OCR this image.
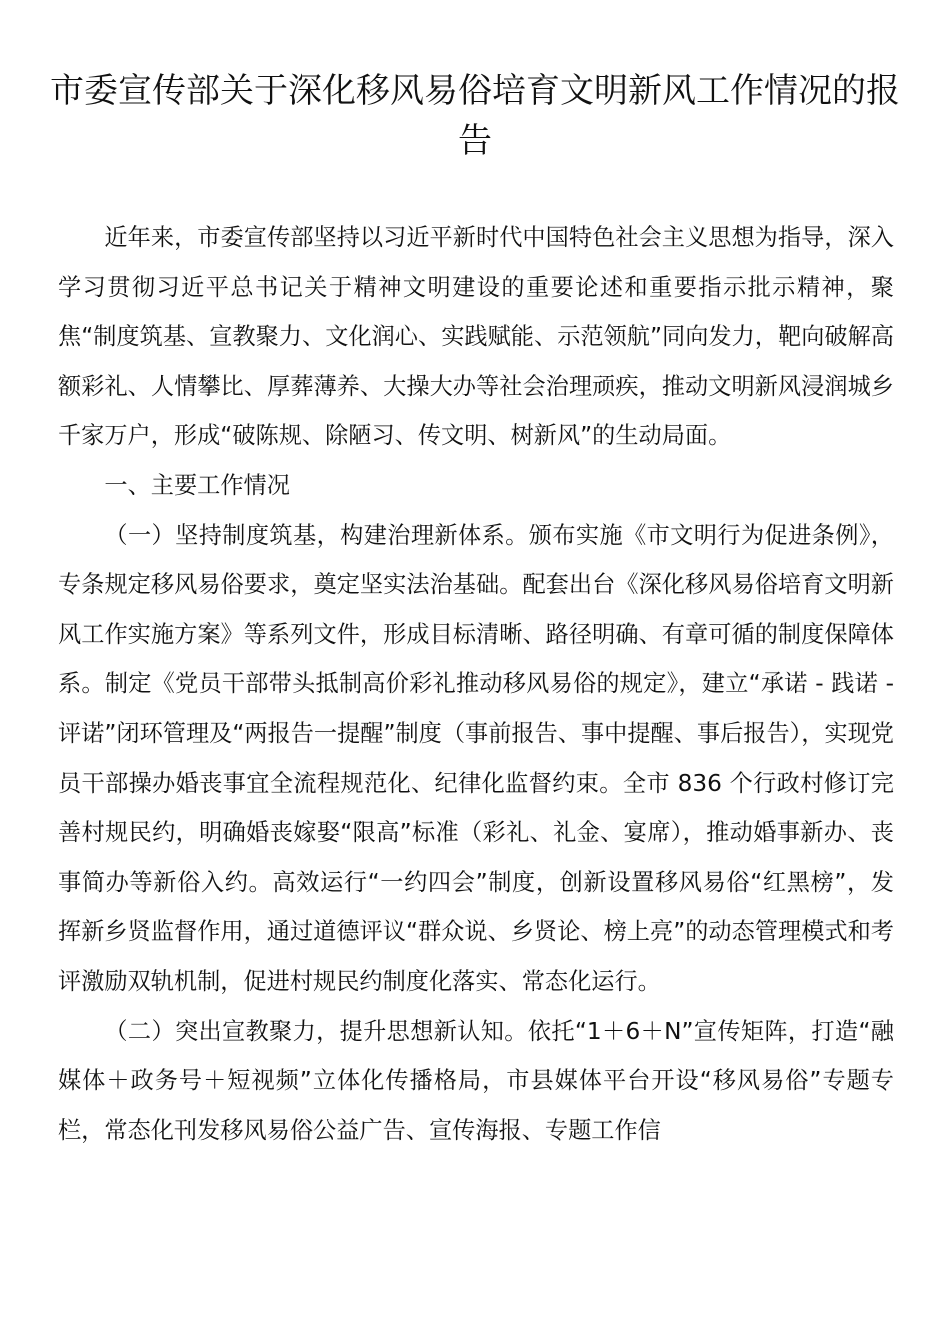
市委宣传部关于深化移风易俗培育文明新风工作情况的报告

近年来，市委宣传部坚持以习近平新时代中国特色社会主义思想为指导，深入学习贯彻习近平总书记关于精神文明建设的重要论述和重要指示批示精神，聚焦“制度筑基、宣教聚力、文化润心、实践赋能、示范领航”同向发力，靶向破解高额彩礼、人情攀比、厚葬薄养、大操大办等社会治理顽疾，推动文明新风浸润城乡千家万户，形成“破陈规、除陋习、传文明、树新风”的生动局面。

一、主要工作情况

（一）坚持制度筑基，构建治理新体系。颁布实施《市文明行为促进条例》，专条规定移风易俗要求，奠定坚实法治基础。配套出台《深化移风易俗培育文明新风工作实施方案》等系列文件，形成目标清晰、路径明确、有章可循的制度保障体系。制定《党员干部带头抵制高价彩礼推动移风易俗的规定》，建立“承诺 - 践诺 - 评诺”闭环管理及“两报告一提醒”制度（事前报告、事中提醒、事后报告），实现党员干部操办婚丧事宜全流程规范化、纪律化监督约束。全市 836 个行政村修订完善村规民约，明确婚丧嫁娶“限高”标准（彩礼、礼金、宴席），推动婚事新办、丧事简办等新俗入约。高效运行“一约四会”制度，创新设置移风易俗“红黑榜”，发挥新乡贤监督作用，通过道德评议“群众说、乡贤论、榜上亮”的动态管理模式和考评激励双轨机制，促进村规民约制度化落实、常态化运行。

（二）突出宣教聚力，提升思想新认知。依托“1＋6＋N”宣传矩阵，打造“融媒体＋政务号＋短视频”立体化传播格局，市县媒体平台开设“移风易俗”专题专栏，常态化刊发移风易俗公益广告、宣传海报、专题工作信
